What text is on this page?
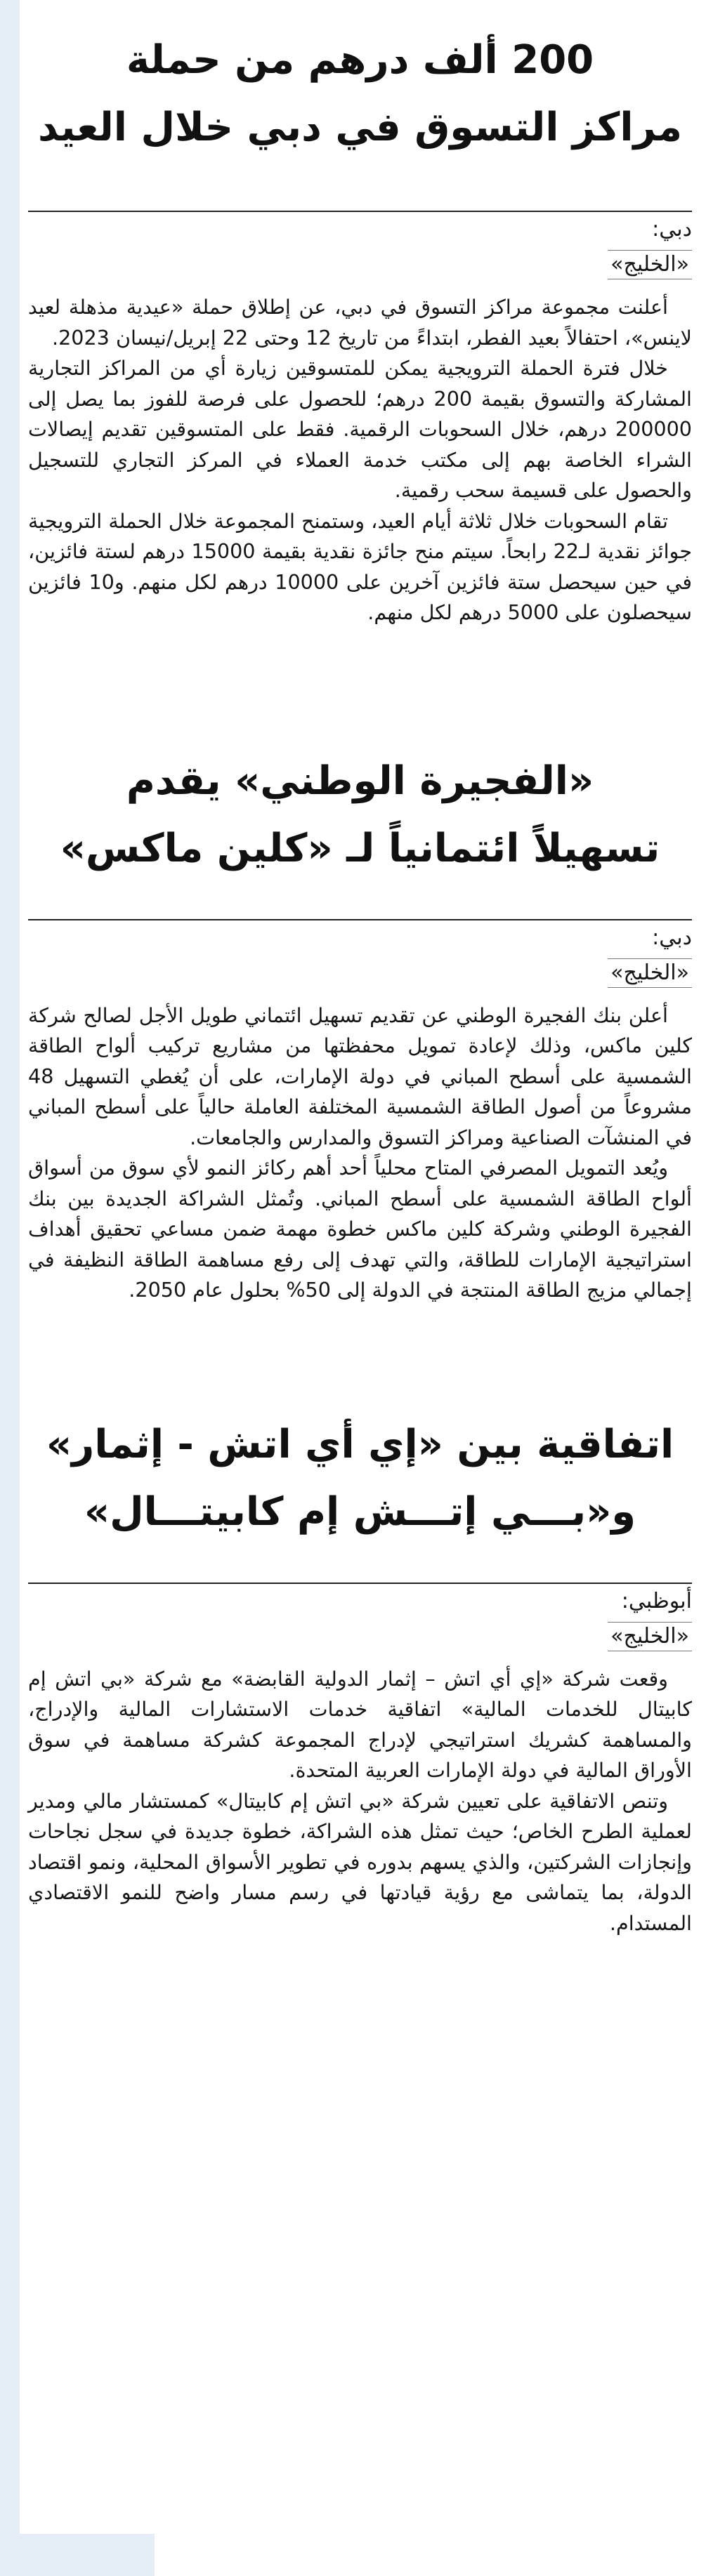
200 ألف درهم من حملة
مراكز التسوق في دبي خلال العيد
دبي:
«الخليج»

أعلنت مجموعة مراكز التسوق في دبي، عن إطلاق حملة «عيدية مذهلة لعيد لاينس»، احتفالاً بعيد الفطر، ابتداءً من تاريخ 12 وحتى 22 إبريل/نيسان 2023.

خلال فترة الحملة الترويجية يمكن للمتسوقين زيارة أي من المراكز التجارية المشاركة والتسوق بقيمة 200 درهم؛ للحصول على فرصة للفوز بما يصل إلى 200000 درهم، خلال السحوبات الرقمية. فقط على المتسوقين تقديم إيصالات الشراء الخاصة بهم إلى مكتب خدمة العملاء في المركز التجاري للتسجيل والحصول على قسيمة سحب رقمية.

تقام السحوبات خلال ثلاثة أيام العيد، وستمنح المجموعة خلال الحملة الترويجية جوائز نقدية لـ22 رابحاً. سيتم منح جائزة نقدية بقيمة 15000 درهم لستة فائزين، في حين سيحصل ستة فائزين آخرين على 10000 درهم لكل منهم. و10 فائزين سيحصلون على 5000 درهم لكل منهم.

«الفجيرة الوطني» يقدم
تسهيلاً ائتمانياً لـ «كلين ماكس»
دبي:
«الخليج»

أعلن بنك الفجيرة الوطني عن تقديم تسهيل ائتماني طويل الأجل لصالح شركة كلين ماكس، وذلك لإعادة تمويل محفظتها من مشاريع تركيب ألواح الطاقة الشمسية على أسطح المباني في دولة الإمارات، على أن يُغطي التسهيل 48 مشروعاً من أصول الطاقة الشمسية المختلفة العاملة حالياً على أسطح المباني في المنشآت الصناعية ومراكز التسوق والمدارس والجامعات.

ويُعد التمويل المصرفي المتاح محلياً أحد أهم ركائز النمو لأي سوق من أسواق ألواح الطاقة الشمسية على أسطح المباني. وتُمثل الشراكة الجديدة بين بنك الفجيرة الوطني وشركة كلين ماكس خطوة مهمة ضمن مساعي تحقيق أهداف استراتيجية الإمارات للطاقة، والتي تهدف إلى رفع مساهمة الطاقة النظيفة في إجمالي مزيج الطاقة المنتجة في الدولة إلى 50% بحلول عام 2050.

اتفاقية بين «إي أي اتش - إثمار»
و«بـــي إتـــش إم كابيتـــال»
أبوظبي:
«الخليج»

وقعت شركة «إي أي اتش – إثمار الدولية القابضة» مع شركة «بي اتش إم كابيتال للخدمات المالية» اتفاقية خدمات الاستشارات المالية والإدراج، والمساهمة كشريك استراتيجي لإدراج المجموعة كشركة مساهمة في سوق الأوراق المالية في دولة الإمارات العربية المتحدة.

وتنص الاتفاقية على تعيين شركة «بي اتش إم كابيتال» كمستشار مالي ومدير لعملية الطرح الخاص؛ حيث تمثل هذه الشراكة، خطوة جديدة في سجل نجاحات وإنجازات الشركتين، والذي يسهم بدوره في تطوير الأسواق المحلية، ونمو اقتصاد الدولة، بما يتماشى مع رؤية قيادتها في رسم مسار واضح للنمو الاقتصادي المستدام.
